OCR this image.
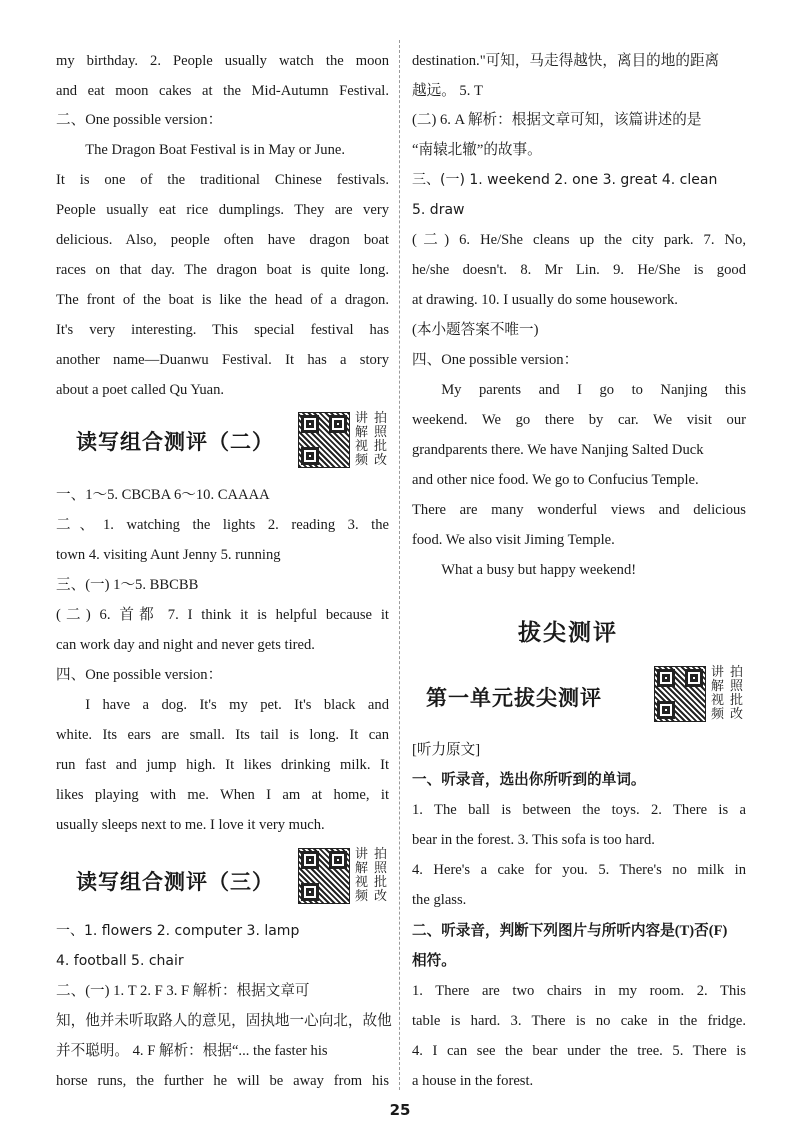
my birthday. 2. People usually watch the moon
and eat moon cakes at the Mid-Autumn Festival.
二、One possible version：
The Dragon Boat Festival is in May or June.
It is one of the traditional Chinese festivals.
People usually eat rice dumplings. They are very
delicious. Also, people often have dragon boat
races on that day. The dragon boat is quite long.
The front of the boat is like the head of a dragon.
It's very interesting. This special festival has
another name—Duanwu Festival. It has a story
about a poet called Qu Yuan.
读写组合测评（二）
讲
解
视
频
拍
照
批
改
一、1～5. CBCBA 6～10. CAAAA
二、1. watching the lights 2. reading 3. the
town 4. visiting Aunt Jenny 5. running
三、(一) 1～5. BBCBB
(二) 6. 首都 7. I think it is helpful because it
can work day and night and never gets tired.
四、One possible version：
I have a dog. It's my pet. It's black and
white. Its ears are small. Its tail is long. It can
run fast and jump high. It likes drinking milk. It
likes playing with me. When I am at home, it
usually sleeps next to me. I love it very much.
读写组合测评（三）
讲
解
视
频
拍
照
批
改
一、1. flowers 2. computer 3. lamp
4. football 5. chair
二、(一) 1. T 2. F 3. F 解析：根据文章可
知，他并未听取路人的意见，固执地一心向北，故他
并不聪明。 4. F 解析：根据“... the faster his
horse runs, the further he will be away from his
destination."可知，马走得越快，离目的地的距离
越远。 5. T
(二) 6. A 解析：根据文章可知，该篇讲述的是
“南辕北辙”的故事。
三、(一) 1. weekend 2. one 3. great 4. clean
5. draw
(二) 6. He/She cleans up the city park. 7. No,
he/she doesn't. 8. Mr Lin. 9. He/She is good
at drawing. 10. I usually do some housework.
(本小题答案不唯一)
四、One possible version：
My parents and I go to Nanjing this
weekend. We go there by car. We visit our
grandparents there. We have Nanjing Salted Duck
and other nice food. We go to Confucius Temple.
There are many wonderful views and delicious
food. We also visit Jiming Temple.
What a busy but happy weekend!
拔尖测评
第一单元拔尖测评
讲
解
视
频
拍
照
批
改
[听力原文]
一、听录音，选出你所听到的单词。
1. The ball is between the toys. 2. There is a
bear in the forest. 3. This sofa is too hard.
4. Here's a cake for you. 5. There's no milk in
the glass.
二、听录音，判断下列图片与所听内容是(T)否(F)
相符。
1. There are two chairs in my room. 2. This
table is hard. 3. There is no cake in the fridge.
4. I can see the bear under the tree. 5. There is
a house in the forest.
25
